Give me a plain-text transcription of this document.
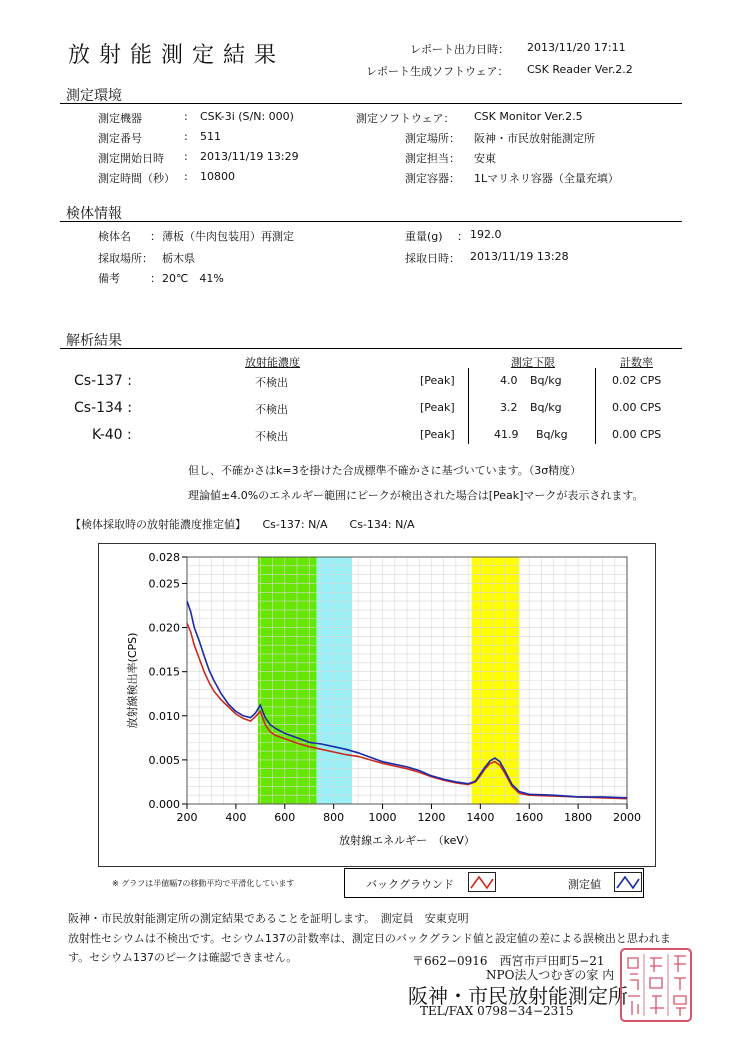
放射能測定結果	レポート出力日時： 2013/11/20 17:11
レポート生成ソフトウェア： CSK Reader Ver.2.2
測定環境
測定機器	: CSK-3i (S/N: 000)
測定番号	: 511
測定開始日時 : 2013/11/19 13:29
測定時間（秒） : 10800
測定ソフトウェア： CSK Monitor Ver.2.5
測定場所： 阪神・市民放射能測定所
測定担当： 安東
測定容器： 1Lマリネリ容器（全量充填）
検体情報
検体名 ： 薄板（牛肉包装用）再測定
採取場所： 栃木県
備考	： 20℃　41%
重量(g) ： 192.0
採取日時： 2013/11/19 13:28
解析結果
放射能濃度	測定下限	計数率
Cs-137 :	不検出	[Peak]	4.0 Bq/kg	0.02 CPS
Cs-134 :	不検出	[Peak]	3.2 Bq/kg	0.00 CPS
K-40 :	不検出	[Peak]	41.9 Bq/kg	0.00 CPS
但し、不確かさはk=3を掛けた合成標準不確かさに基づいています。（3σ精度）
理論値±4.0%のエネルギー範囲にピークが検出された場合は[Peak]マークが表示されます。
【検体採取時の放射能濃度推定値】　　Cs-137: N/A　　Cs-134: N/A
200	400	600	800 1000 1200 1400 1600 1800 2000
0.000
0.005
0.010
0.015
0.020
0.025
0.028
放射線エネルギー　（keV）
放射線検出率(CPS)
※ グラフは半値幅7の移動平均で平滑化しています	バックグラウンド	測定値
阪神・市民放射能測定所の測定結果であることを証明します。　測定員　安東克明
放射性セシウムは不検出です。セシウム137の計数率は、測定日のバックグランド値と設定値の差による誤検出と思われま
す。セシウム137のピークは確認できません。	〒662−0916　西宮市戸田町5−21
NPO法人つむぎの家 内
阪神・市民放射能測定所
TEL/FAX 0798−34−2315
